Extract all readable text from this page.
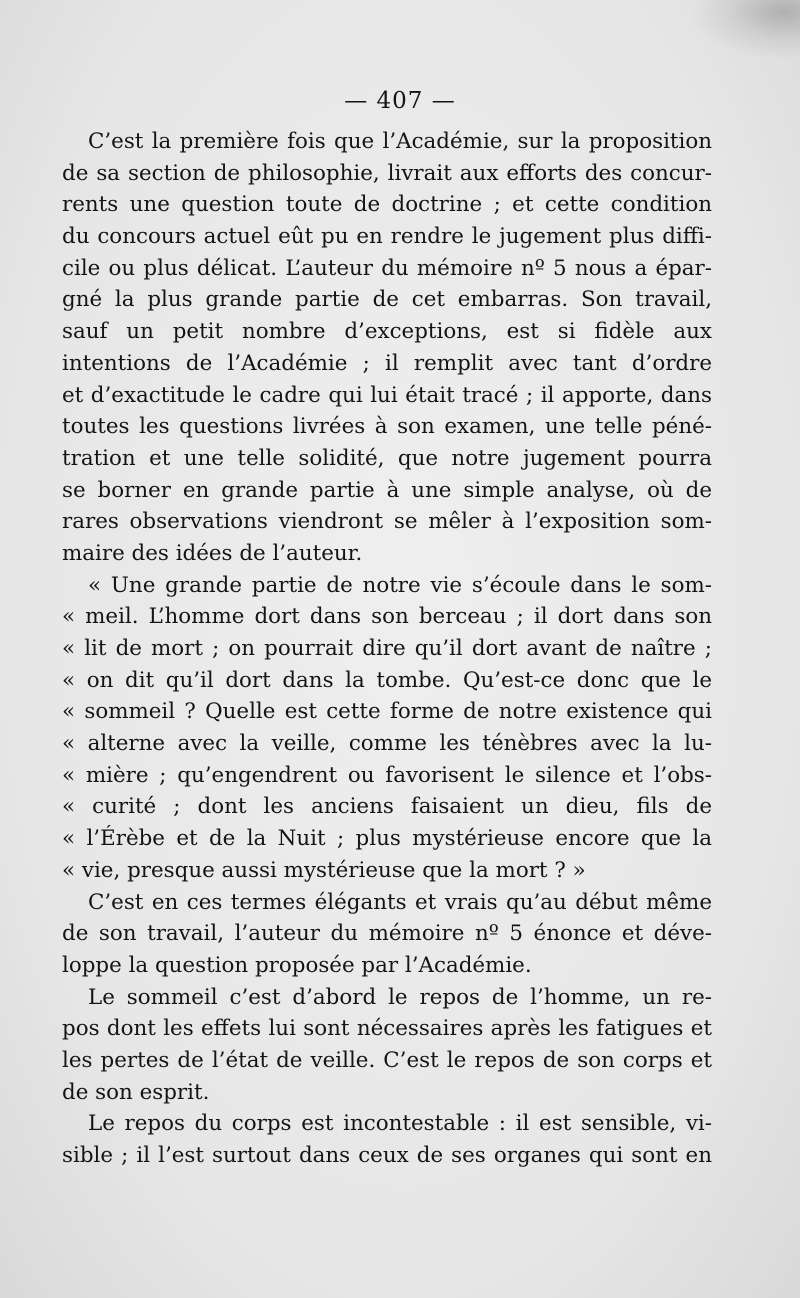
— 407 —
C’est la première fois que l’Académie, sur la proposition
de sa section de philosophie, livrait aux efforts des concur-
rents une question toute de doctrine ; et cette condition
du concours actuel eût pu en rendre le jugement plus diffi-
cile ou plus délicat. L’auteur du mémoire nº 5 nous a épar-
gné la plus grande partie de cet embarras. Son travail,
sauf un petit nombre d’exceptions, est si fidèle aux
intentions de l’Académie ; il remplit avec tant d’ordre
et d’exactitude le cadre qui lui était tracé ; il apporte, dans
toutes les questions livrées à son examen, une telle péné-
tration et une telle solidité, que notre jugement pourra
se borner en grande partie à une simple analyse, où de
rares observations viendront se mêler à l’exposition som-
maire des idées de l’auteur.
« Une grande partie de notre vie s’écoule dans le som-
« meil. L’homme dort dans son berceau ; il dort dans son
« lit de mort ; on pourrait dire qu’il dort avant de naître ;
« on dit qu’il dort dans la tombe. Qu’est-ce donc que le
« sommeil ? Quelle est cette forme de notre existence qui
« alterne avec la veille, comme les ténèbres avec la lu-
« mière ; qu’engendrent ou favorisent le silence et l’obs-
« curité ; dont les anciens faisaient un dieu, fils de
« l’Érèbe et de la Nuit ; plus mystérieuse encore que la
« vie, presque aussi mystérieuse que la mort ? »
C’est en ces termes élégants et vrais qu’au début même
de son travail, l’auteur du mémoire nº 5 énonce et déve-
loppe la question proposée par l’Académie.
Le sommeil c’est d’abord le repos de l’homme, un re-
pos dont les effets lui sont nécessaires après les fatigues et
les pertes de l’état de veille. C’est le repos de son corps et
de son esprit.
Le repos du corps est incontestable : il est sensible, vi-
sible ; il l’est surtout dans ceux de ses organes qui sont en
